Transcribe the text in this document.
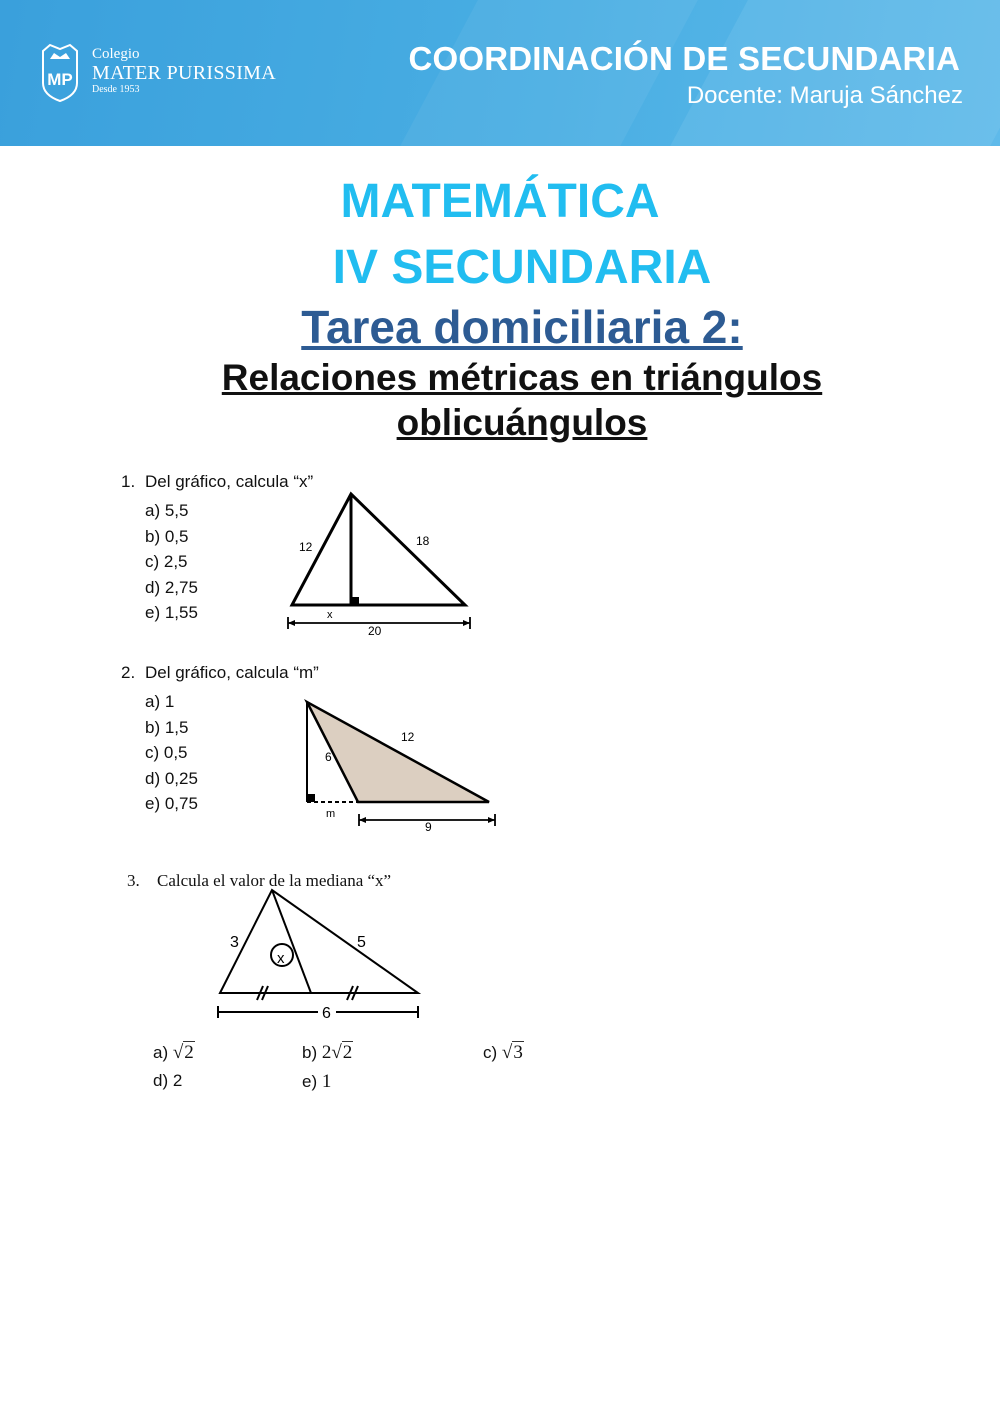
MP
Colegio
MATER PURISSIMA
Desde 1953
COORDINACIÓN DE SECUNDARIA
Docente: Maruja Sánchez
MATEMÁTICA
IV SECUNDARIA
Tarea domiciliaria 2:
Relaciones métricas en triángulos
oblicuángulos
1. Del gráfico, calcula “x”
a) 5,5
b) 0,5
c) 2,5
d) 2,75
e) 1,55
12	18
x
20
2. Del gráfico, calcula “m”
a) 1
b) 1,5
c) 0,5
d) 0,25
e) 0,75
6
12
m
9
3. Calcula el valor de la mediana “x”
3	5
x
6
a) √2	b) 2√2	c) √3
d) 2	e) 1
